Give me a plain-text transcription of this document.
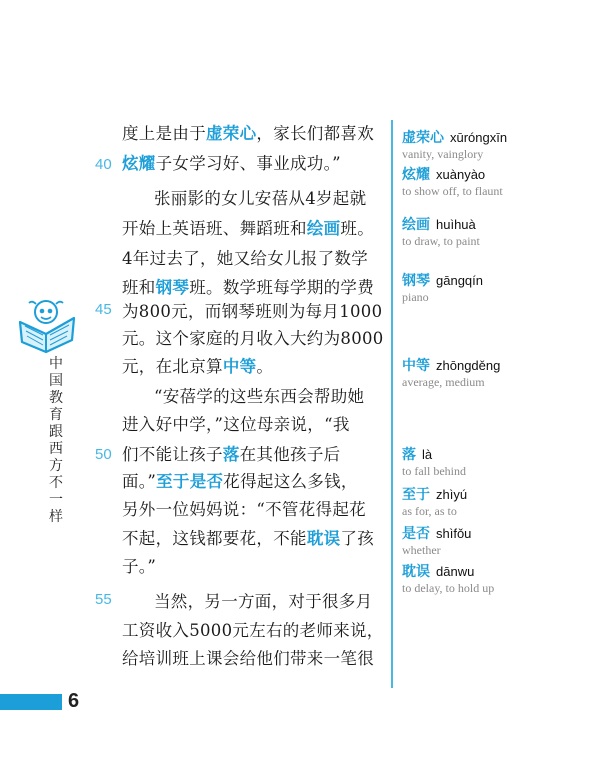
40
45
50
55
度上是由于虚荣心，家长们都喜欢
炫耀子女学习好、事业成功。”
张丽影的女儿安蓓从4岁起就
开始上英语班、舞蹈班和绘画班。
4年过去了，她又给女儿报了数学
班和钢琴班。数学班每学期的学费
为800元，而钢琴班则为每月1000
元。这个家庭的月收入大约为8000
元，在北京算中等。
“安蓓学的这些东西会帮助她
进入好中学，”这位母亲说，“我
们不能让孩子落在其他孩子后
面。”至于是否花得起这么多钱，
另外一位妈妈说：“不管花得起花
不起，这钱都要花，不能耽误了孩
子。”
当然，另一方面，对于很多月
工资收入5000元左右的老师来说，
给培训班上课会给他们带来一笔很
虚荣心 xūróngxīn
vanity, vainglory
炫耀 xuànyào
to show off, to flaunt
绘画 huìhuà
to draw, to paint
钢琴 gāngqín
piano
中等 zhōngděng
average, medium
落 là
to fall behind
至于 zhìyú
as for, as to
是否 shìfǒu
whether
耽误 dānwu
to delay, to hold up
中国教育跟西方不一样
6
